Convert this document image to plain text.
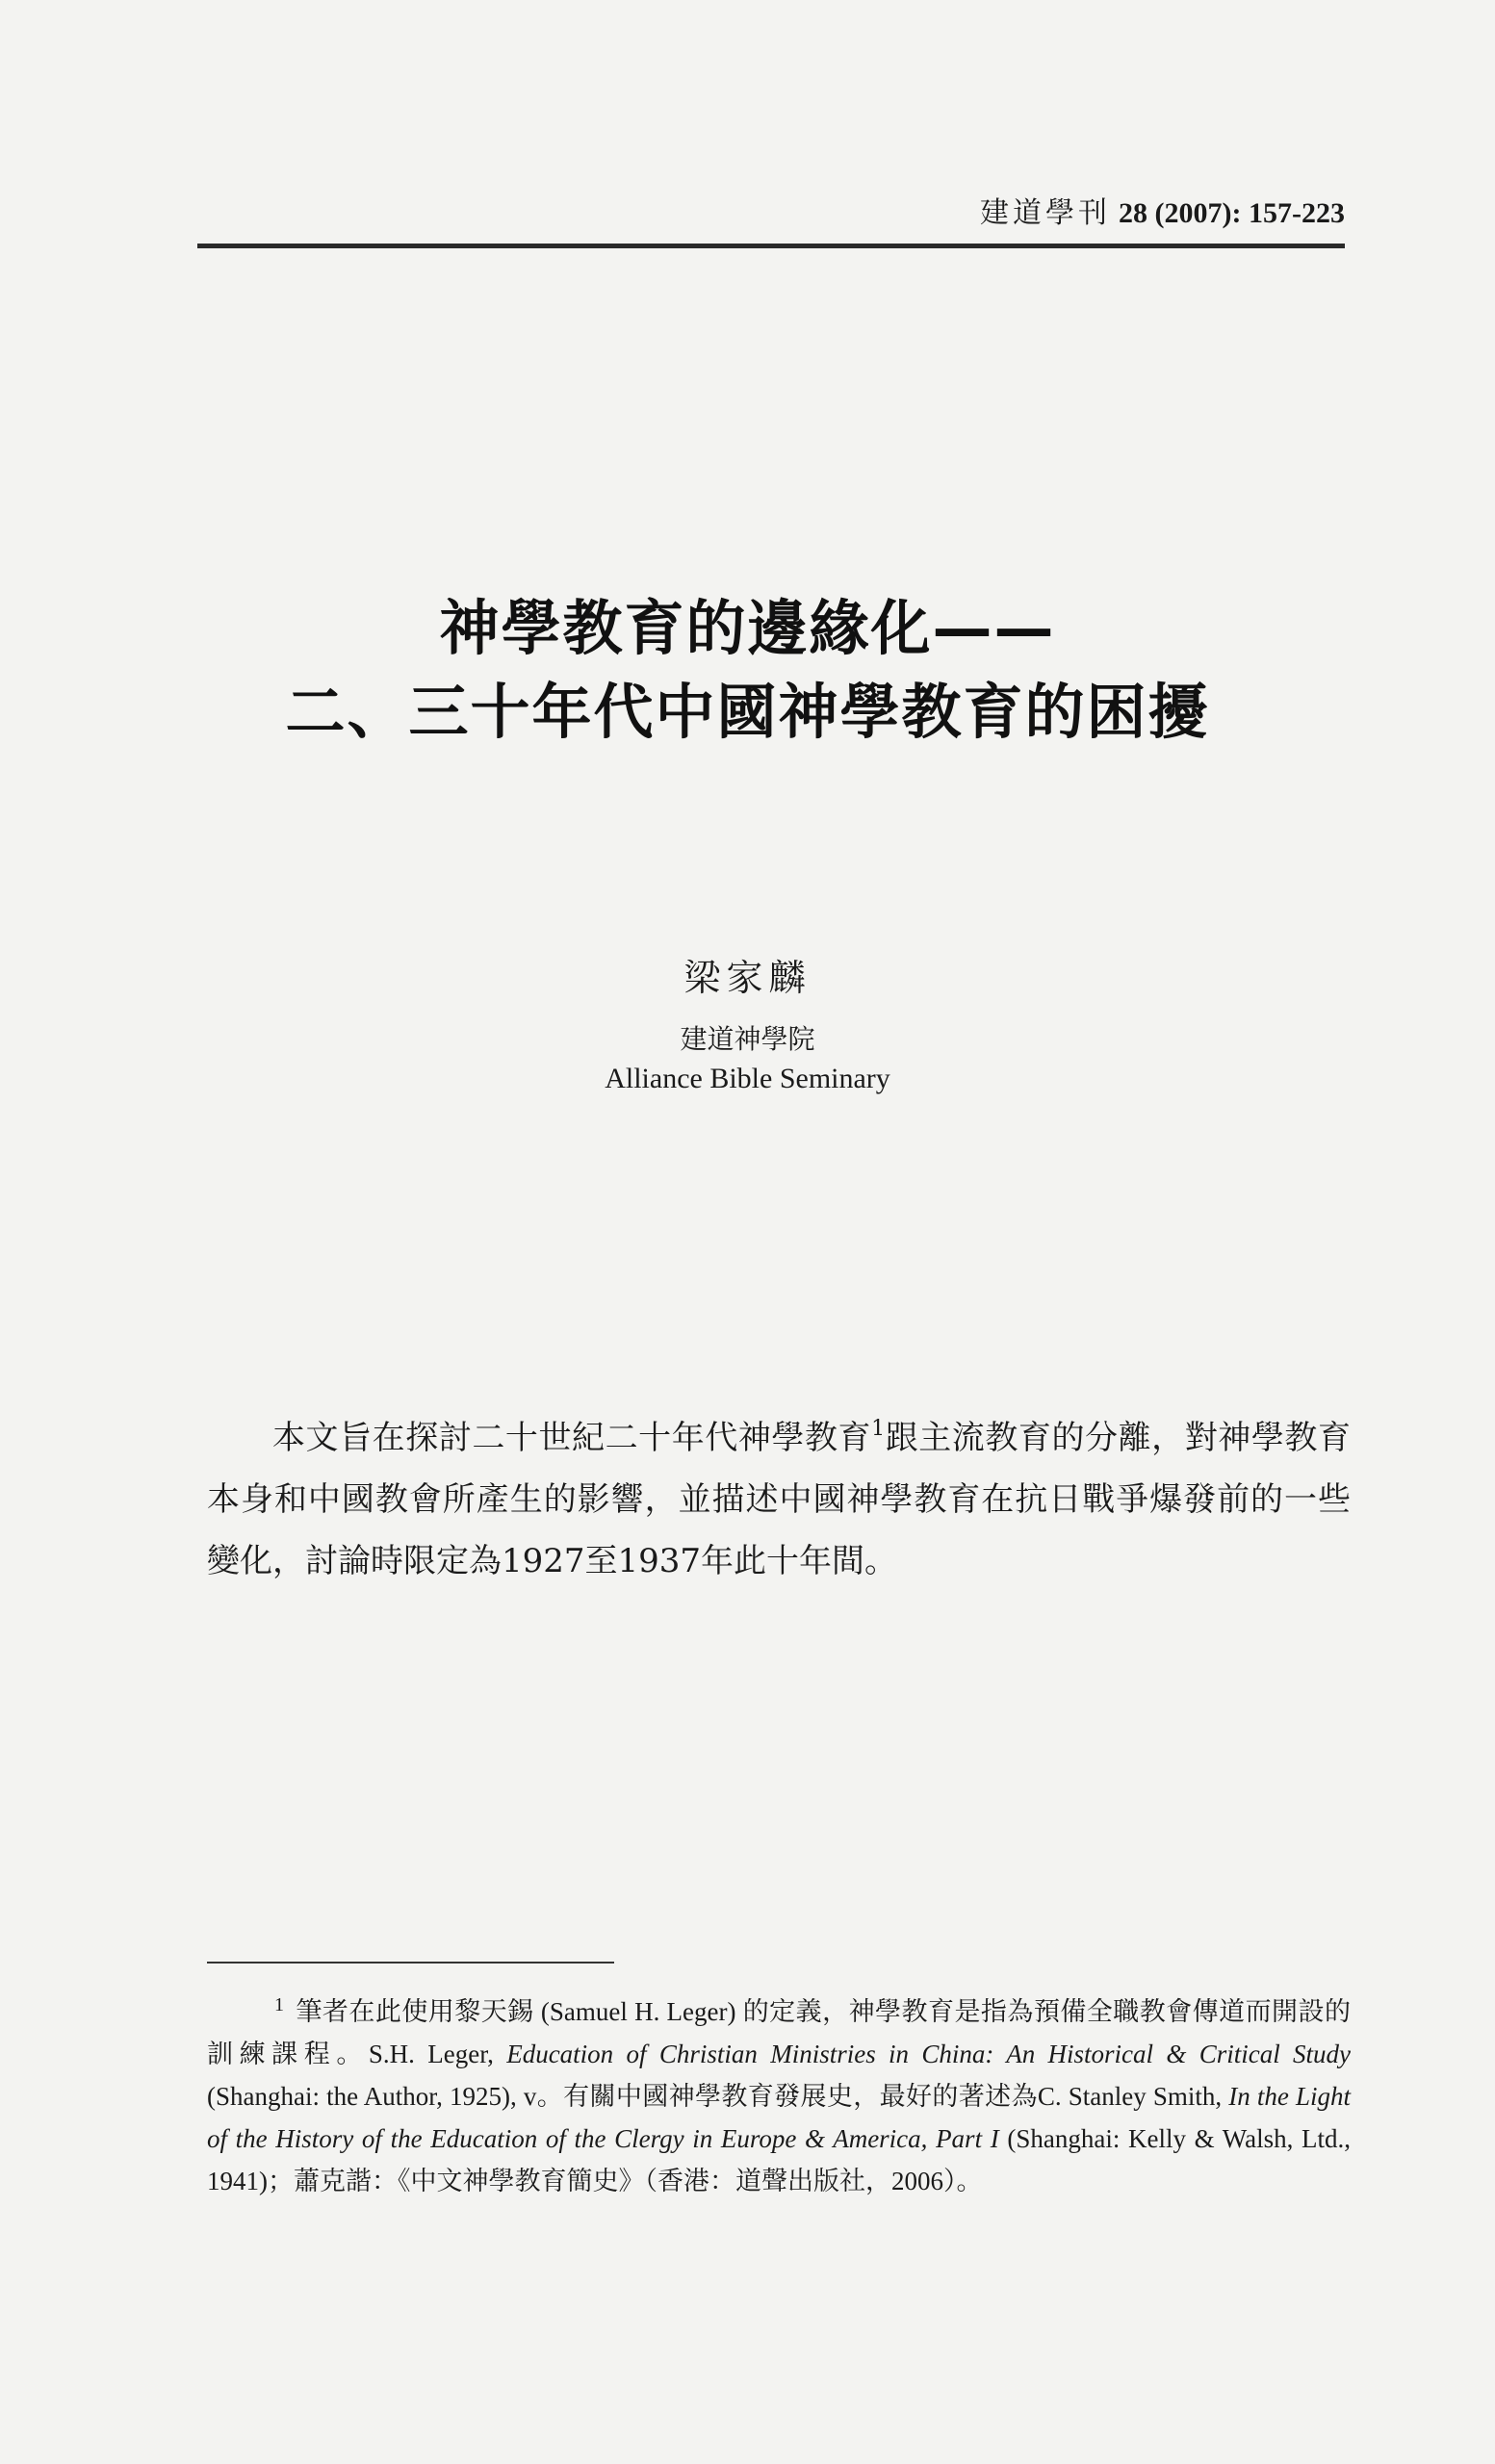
建道學刊 28 (2007): 157-223
神學教育的邊緣化——
二、三十年代中國神學教育的困擾
梁家麟
建道神學院
Alliance Bible Seminary

本文旨在探討二十世紀二十年代神學教育$^1$跟主流教育的分離，對神學教育本身和中國教會所產生的影響，並描述中國神學教育在抗日戰爭爆發前的一些變化，討論時限定為1927至1937年此十年間。

$^1$ 筆者在此使用黎天錫 (Samuel H. Leger) 的定義，神學教育是指為預備全職教會傳道而開設的訓練課程。S.H. Leger, Education of Christian Ministries in China: An Historical & Critical Study (Shanghai: the Author, 1925), v。有關中國神學教育發展史，最好的著述為C. Stanley Smith, In the Light of the History of the Education of the Clergy in Europe & America, Part I (Shanghai: Kelly & Walsh, Ltd., 1941)；蕭克諧：《中文神學教育簡史》（香港：道聲出版社，2006）。
